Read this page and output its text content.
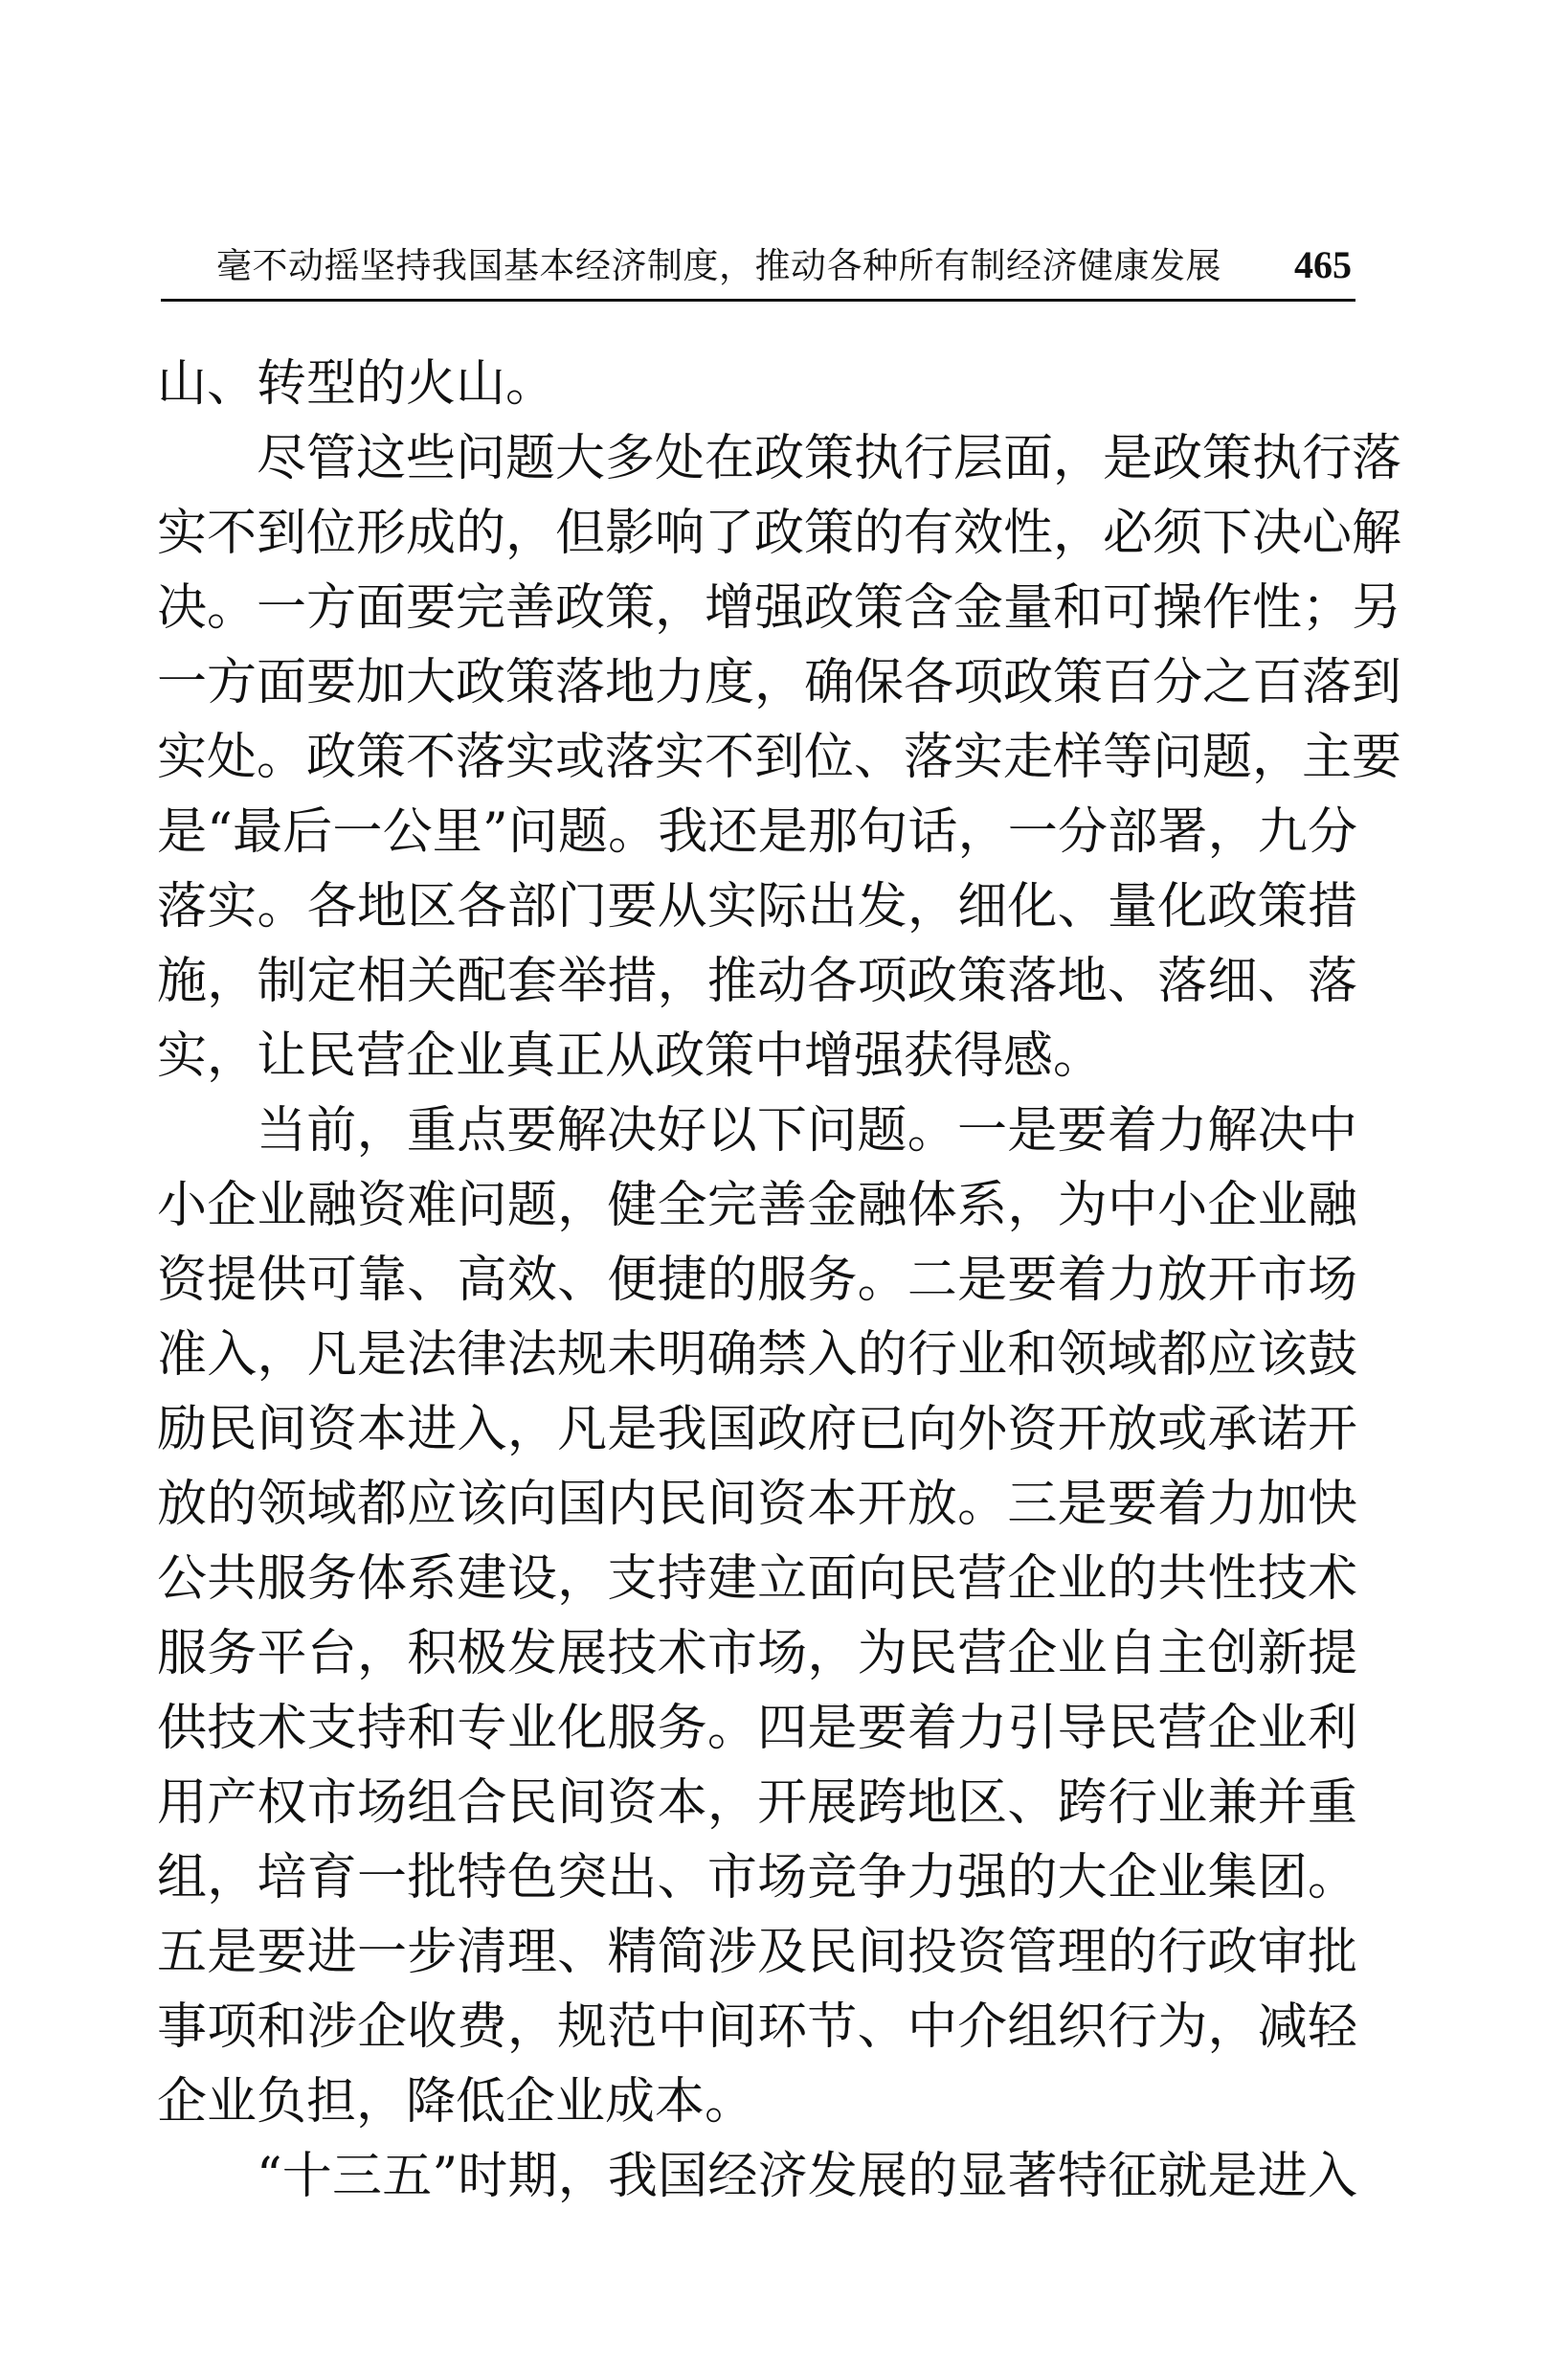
毫不动摇坚持我国基本经济制度，推动各种所有制经济健康发展 465
山、转型的火山。
尽管这些问题大多处在政策执行层面，是政策执行落
实不到位形成的，但影响了政策的有效性，必须下决心解
决。一方面要完善政策，增强政策含金量和可操作性；另
一方面要加大政策落地力度，确保各项政策百分之百落到
实处。政策不落实或落实不到位、落实走样等问题，主要
是“最后一公里”问题。我还是那句话，一分部署，九分
落实。各地区各部门要从实际出发，细化、量化政策措
施，制定相关配套举措，推动各项政策落地、落细、落
实，让民营企业真正从政策中增强获得感。
当前，重点要解决好以下问题。一是要着力解决中
小企业融资难问题，健全完善金融体系，为中小企业融
资提供可靠、高效、便捷的服务。二是要着力放开市场
准入，凡是法律法规未明确禁入的行业和领域都应该鼓
励民间资本进入，凡是我国政府已向外资开放或承诺开
放的领域都应该向国内民间资本开放。三是要着力加快
公共服务体系建设，支持建立面向民营企业的共性技术
服务平台，积极发展技术市场，为民营企业自主创新提
供技术支持和专业化服务。四是要着力引导民营企业利
用产权市场组合民间资本，开展跨地区、跨行业兼并重
组，培育一批特色突出、市场竞争力强的大企业集团。
五是要进一步清理、精简涉及民间投资管理的行政审批
事项和涉企收费，规范中间环节、中介组织行为，减轻
企业负担，降低企业成本。
“十三五”时期，我国经济发展的显著特征就是进入
